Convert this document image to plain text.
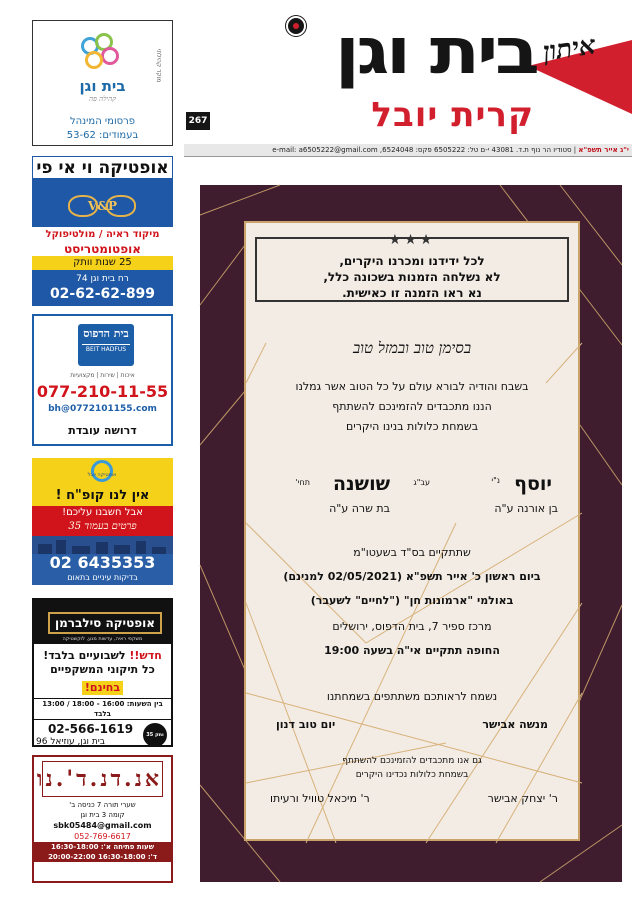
איתון
בית וגן
קרית יובל
267
י"ג אייר תשפ"א | סטודיו הר נוף ת.ד. 43081 י-ם טל: 6505222 פקס: 6524048, e-mail: a6505222@gmail.com
מוקד קהילתי
בית וגן
קהילה פה
פרסומי המינהל
בעמודים: 53-62
אופטיקה וי אי פי
V&P
מיקוד ראיה / מולטיפוקל
אופטומטריסט
25 שנות וותק
רח בית וגן 74
02-62-62-899
בית הדפוס
BEIT HADFUS
איכות | שירות | מקצועיות
077-210-11-55
bh@0772101155.com
דרושה עובדת
אופטיקה יובל
אין לנו קופ"ח !
אבל חשבנו עליכם!
פרטים בעמוד 35
02 6435353
בדיקות עיניים בתאום
אופטיקה סילברמן
משקפי ראיה, עדשות מגע, לוקשטיקה
חדש!! לשבועיים בלבד!
כל תיקוני המשקפיים
בחינם!
בין השעות: 16:00 - 18:00 / 13:00 בלבד
ותק 35
02-566-1619
בית וגן, עוזיאל 96
אנ.דנ.ד'.נו
שערי תורה 7 כניסה ב'
קומה 3 בית וגן
sbk05484@gmail.com
052-769-6617
שעות פתיחה א': 16:30-18:00
ד': 16:30-18:00 20:00-22:00
לכל ידידנו ומכרנו היקרים,
לא נשלחה הזמנות בשכונה כלל,
נא ראו הזמנה זו כאישית.
★★★
בסימן טוב ובמזל טוב
בשבח והודיה לבורא עולם על כל הטוב אשר גמלנו
הננו מתכבדים להזמינכם להשתתף
בשמחת כלולות בנינו היקרים
יוסף
נ"י
עב"ג
שושנה
תחי'
בן אורנה ע"ה
בת שרה ע"ה
שתתקיים בס"ד בשעטו"מ
ביום ראשון כ' אייר תשפ"א (02/05/2021 למנינם)
באולמי "ארמונות חן" ("לחיים" לשעבר)
מרכז ספיר 7, בית הדפוס, ירושלים
החופה תתקיים אי"ה בשעה 19:00
נשמח לראותכם משתתפים בשמחתנו
מנשה אבישר
יום טוב דנון
גם אנו מתכבדים להזמינכם להשתתף
בשמחת כלולות נכדינו היקרים
ר' יצחק אבישר
ר' מיכאל טוויל ורעיתו
